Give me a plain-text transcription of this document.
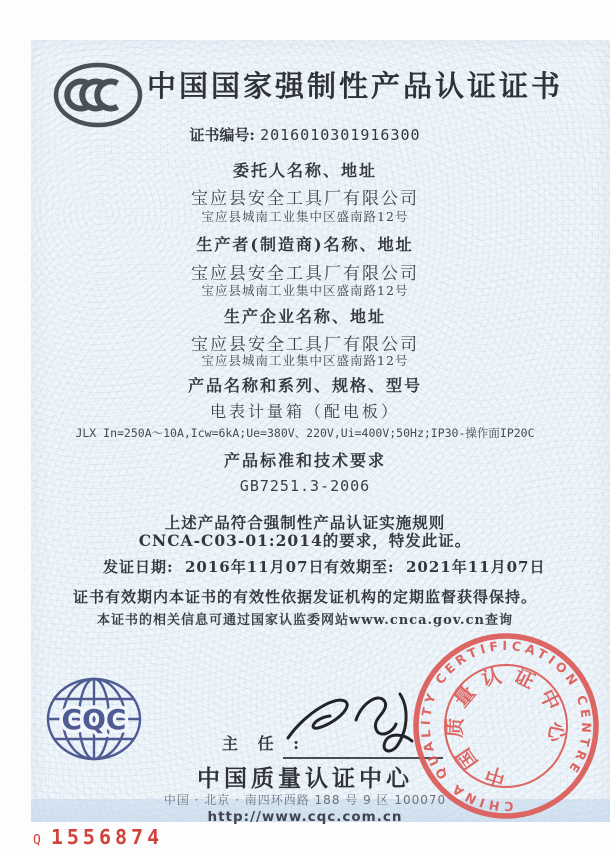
中国国家强制性产品认证证书
证书编号: 2016010301916300
委托人名称、地址
宝应县安全工具厂有限公司
宝应县城南工业集中区盛南路12号
生产者(制造商)名称、地址
宝应县安全工具厂有限公司
宝应县城南工业集中区盛南路12号
生产企业名称、地址
宝应县安全工具厂有限公司
宝应县城南工业集中区盛南路12号
产品名称和系列、规格、型号
电表计量箱（配电板）
JLX In=250A～10A,Icw=6kA;Ue=380V、220V,Ui=400V;50Hz;IP30-操作面IP20C
产品标准和技术要求
GB7251.3-2006
上述产品符合强制性产品认证实施规则
CNCA-C03-01:2014的要求，特发此证。
发证日期: 2016年11月07日 有效期至: 2021年11月07日
证书有效期内本证书的有效性依据发证机构的定期监督获得保持。
本证书的相关信息可通过国家认监委网站www.cnca.gov.cn查询
CQC
主 任 :
中国质量认证中心
中国 · 北京 · 南四环西路 188 号 9 区 100070
http://www.cqc.com.cn
Q 1556874
CHINA QUALITY CERTIFICATION CENTRE
中国质量认证中心
